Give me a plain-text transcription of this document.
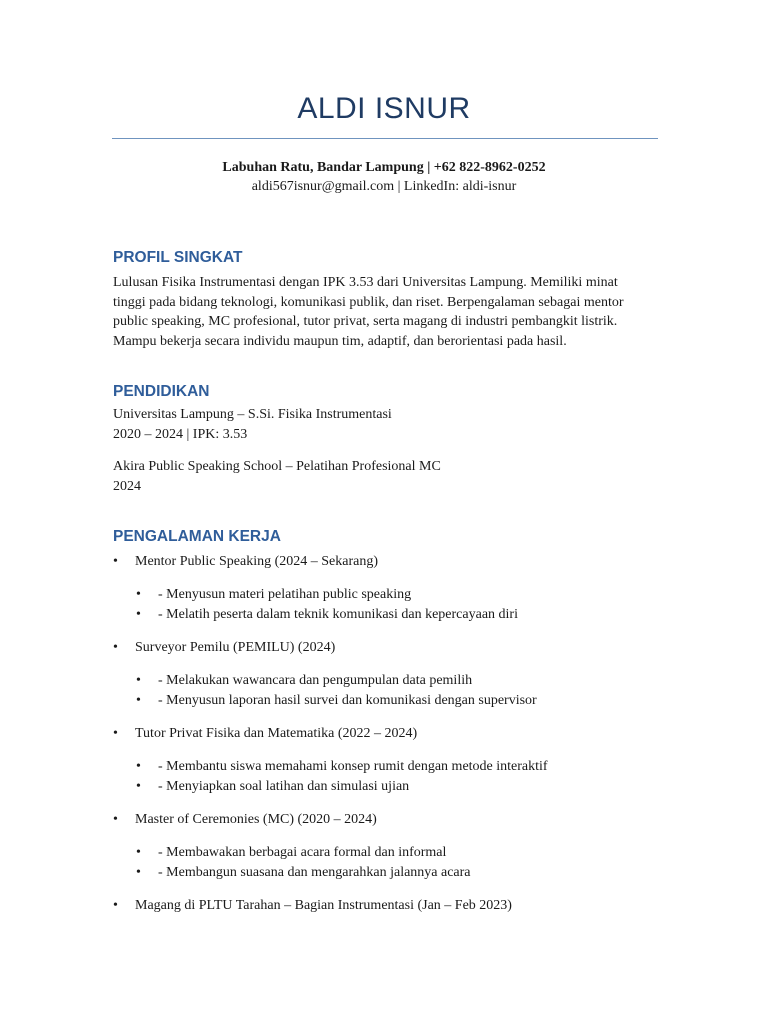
ALDI ISNUR
Labuhan Ratu, Bandar Lampung | +62 822-8962-0252
aldi567isnur@gmail.com | LinkedIn: aldi-isnur
PROFIL SINGKAT
Lulusan Fisika Instrumentasi dengan IPK 3.53 dari Universitas Lampung. Memiliki minat
tinggi pada bidang teknologi, komunikasi publik, dan riset. Berpengalaman sebagai mentor
public speaking, MC profesional, tutor privat, serta magang di industri pembangkit listrik.
Mampu bekerja secara individu maupun tim, adaptif, dan berorientasi pada hasil.
PENDIDIKAN
Universitas Lampung – S.Si. Fisika Instrumentasi
2020 – 2024 | IPK: 3.53
Akira Public Speaking School – Pelatihan Profesional MC
2024
PENGALAMAN KERJA
• Mentor Public Speaking (2024 – Sekarang)
• - Menyusun materi pelatihan public speaking
• - Melatih peserta dalam teknik komunikasi dan kepercayaan diri
• Surveyor Pemilu (PEMILU) (2024)
• - Melakukan wawancara dan pengumpulan data pemilih
• - Menyusun laporan hasil survei dan komunikasi dengan supervisor
• Tutor Privat Fisika dan Matematika (2022 – 2024)
• - Membantu siswa memahami konsep rumit dengan metode interaktif
• - Menyiapkan soal latihan dan simulasi ujian
• Master of Ceremonies (MC) (2020 – 2024)
• - Membawakan berbagai acara formal dan informal
• - Membangun suasana dan mengarahkan jalannya acara
• Magang di PLTU Tarahan – Bagian Instrumentasi (Jan – Feb 2023)
